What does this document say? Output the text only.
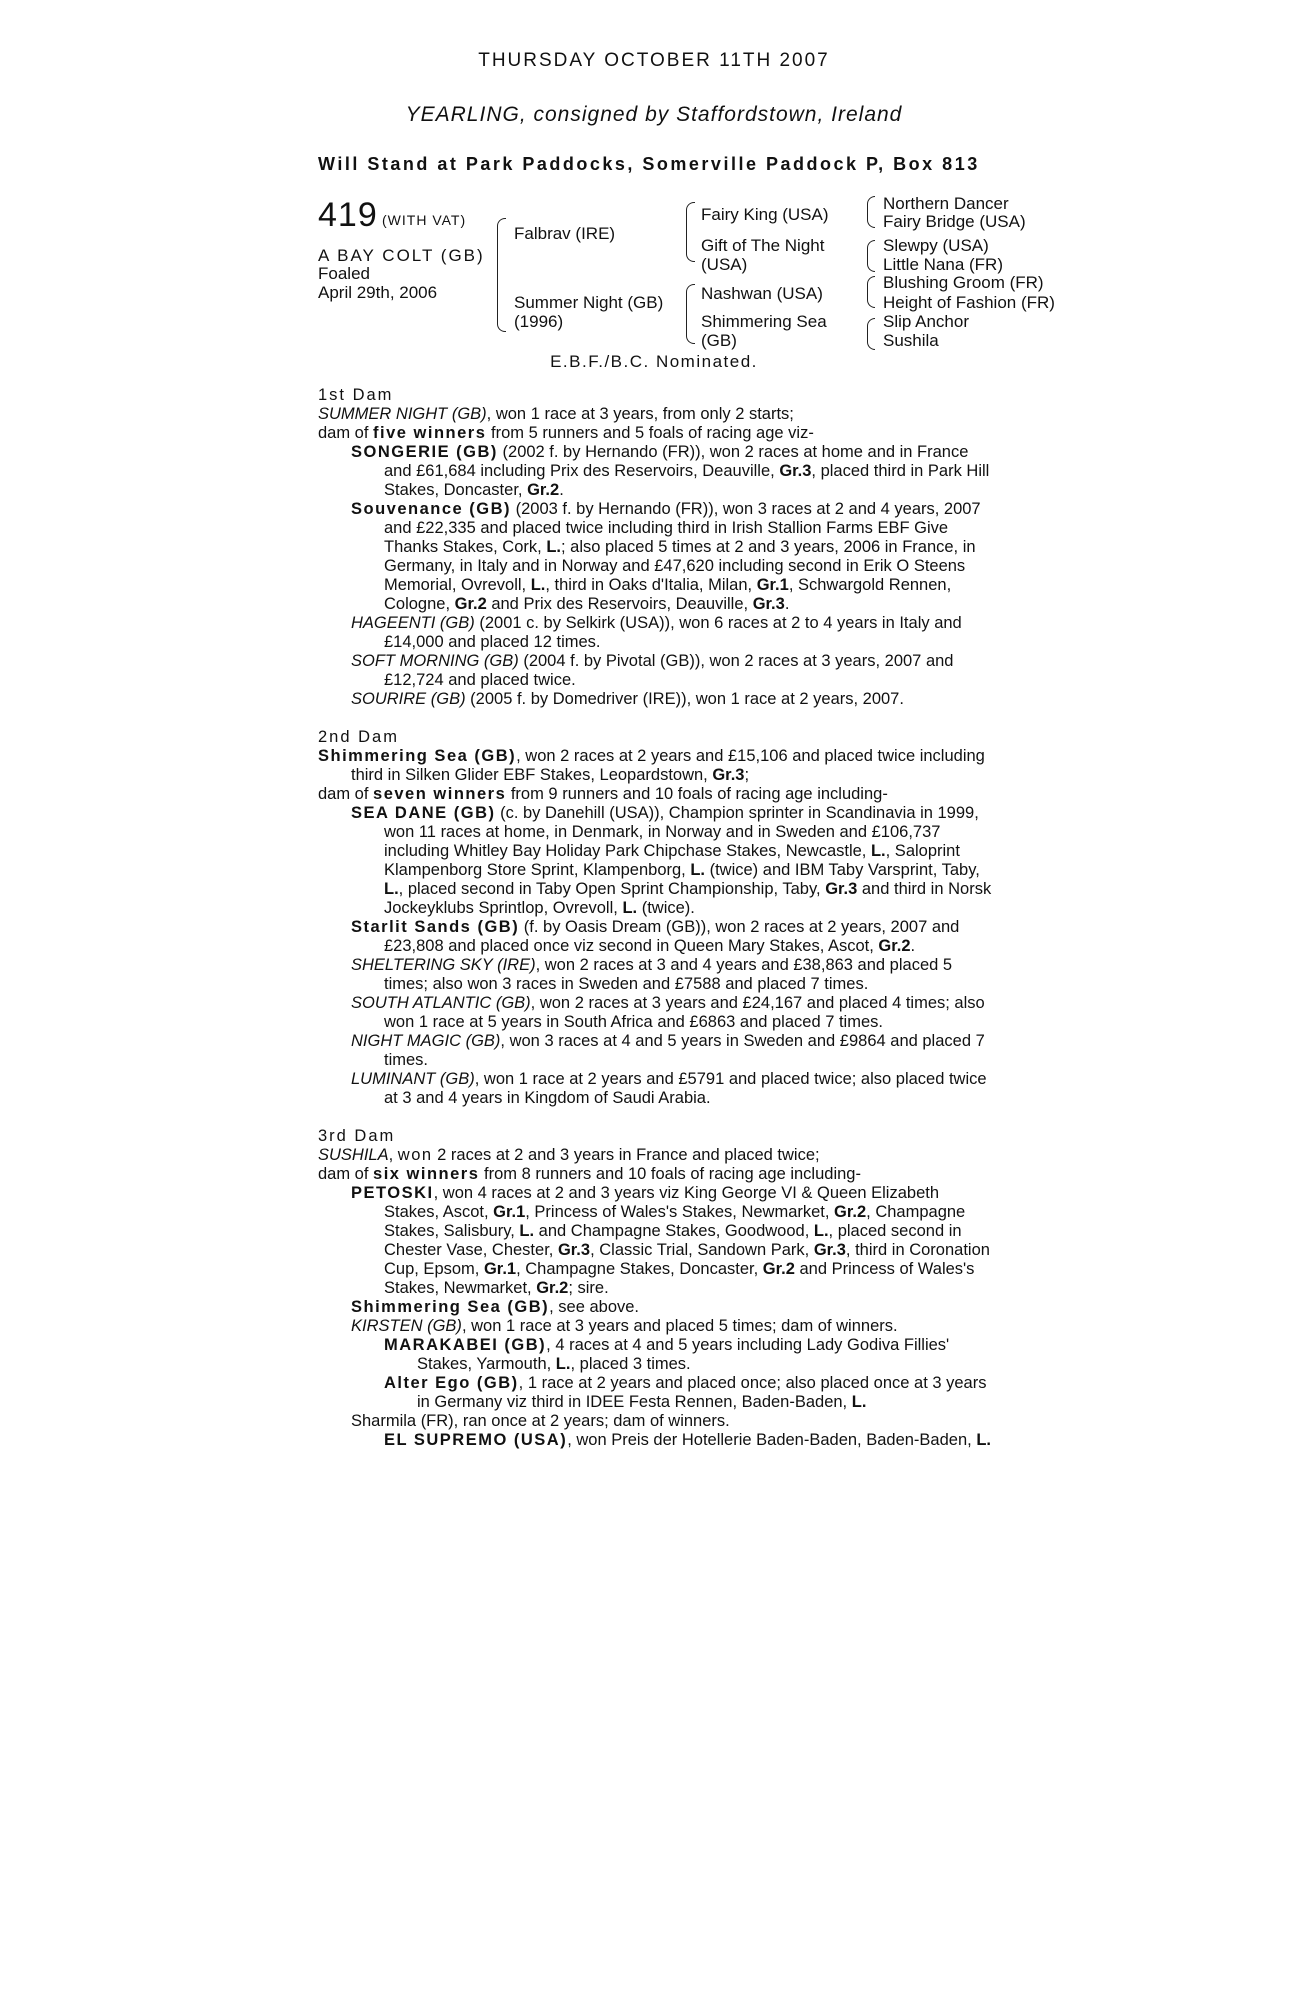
THURSDAY OCTOBER 11TH 2007
YEARLING, consigned by Staffordstown, Ireland
Will Stand at Park Paddocks, Somerville Paddock P, Box 813
419 (WITH VAT)
A BAY COLT (GB)
Foaled
April 29th, 2006
Falbrav (IRE)
Summer Night (GB)
(1996)
Fairy King (USA)
Gift of The Night
(USA)
Nashwan (USA)
Shimmering Sea
(GB)
Northern Dancer
Fairy Bridge (USA)
Slewpy (USA)
Little Nana (FR)
Blushing Groom (FR)
Height of Fashion (FR)
Slip Anchor
Sushila
E.B.F./B.C. Nominated.
1st Dam

SUMMER NIGHT (GB), won 1 race at 3 years, from only 2 starts;

dam of five winners from 5 runners and 5 foals of racing age viz-

SONGERIE (GB) (2002 f. by Hernando (FR)), won 2 races at home and in France and £61,684 including Prix des Reservoirs, Deauville, Gr.3, placed third in Park Hill Stakes, Doncaster, Gr.2.

Souvenance (GB) (2003 f. by Hernando (FR)), won 3 races at 2 and 4 years, 2007 and £22,335 and placed twice including third in Irish Stallion Farms EBF Give Thanks Stakes, Cork, L.; also placed 5 times at 2 and 3 years, 2006 in France, in Germany, in Italy and in Norway and £47,620 including second in Erik O Steens Memorial, Ovrevoll, L., third in Oaks d'Italia, Milan, Gr.1, Schwargold Rennen, Cologne, Gr.2 and Prix des Reservoirs, Deauville, Gr.3.

HAGEENTI (GB) (2001 c. by Selkirk (USA)), won 6 races at 2 to 4 years in Italy and £14,000 and placed 12 times.

SOFT MORNING (GB) (2004 f. by Pivotal (GB)), won 2 races at 3 years, 2007 and £12,724 and placed twice.

SOURIRE (GB) (2005 f. by Domedriver (IRE)), won 1 race at 2 years, 2007.

2nd Dam

Shimmering Sea (GB), won 2 races at 2 years and £15,106 and placed twice including third in Silken Glider EBF Stakes, Leopardstown, Gr.3;

dam of seven winners from 9 runners and 10 foals of racing age including-

SEA DANE (GB) (c. by Danehill (USA)), Champion sprinter in Scandinavia in 1999, won 11 races at home, in Denmark, in Norway and in Sweden and £106,737 including Whitley Bay Holiday Park Chipchase Stakes, Newcastle, L., Saloprint Klampenborg Store Sprint, Klampenborg, L. (twice) and IBM Taby Varsprint, Taby, L., placed second in Taby Open Sprint Championship, Taby, Gr.3 and third in Norsk Jockeyklubs Sprintlop, Ovrevoll, L. (twice).

Starlit Sands (GB) (f. by Oasis Dream (GB)), won 2 races at 2 years, 2007 and £23,808 and placed once viz second in Queen Mary Stakes, Ascot, Gr.2.

SHELTERING SKY (IRE), won 2 races at 3 and 4 years and £38,863 and placed 5 times; also won 3 races in Sweden and £7588 and placed 7 times.

SOUTH ATLANTIC (GB), won 2 races at 3 years and £24,167 and placed 4 times; also won 1 race at 5 years in South Africa and £6863 and placed 7 times.

NIGHT MAGIC (GB), won 3 races at 4 and 5 years in Sweden and £9864 and placed 7 times.

LUMINANT (GB), won 1 race at 2 years and £5791 and placed twice; also placed twice at 3 and 4 years in Kingdom of Saudi Arabia.

3rd Dam

SUSHILA, won 2 races at 2 and 3 years in France and placed twice;

dam of six winners from 8 runners and 10 foals of racing age including-

PETOSKI, won 4 races at 2 and 3 years viz King George VI & Queen Elizabeth Stakes, Ascot, Gr.1, Princess of Wales's Stakes, Newmarket, Gr.2, Champagne Stakes, Salisbury, L. and Champagne Stakes, Goodwood, L., placed second in Chester Vase, Chester, Gr.3, Classic Trial, Sandown Park, Gr.3, third in Coronation Cup, Epsom, Gr.1, Champagne Stakes, Doncaster, Gr.2 and Princess of Wales's Stakes, Newmarket, Gr.2; sire.

Shimmering Sea (GB), see above.

KIRSTEN (GB), won 1 race at 3 years and placed 5 times; dam of winners.

MARAKABEI (GB), 4 races at 4 and 5 years including Lady Godiva Fillies' Stakes, Yarmouth, L., placed 3 times.

Alter Ego (GB), 1 race at 2 years and placed once; also placed once at 3 years in Germany viz third in IDEE Festa Rennen, Baden-Baden, L.

Sharmila (FR), ran once at 2 years; dam of winners.

EL SUPREMO (USA), won Preis der Hotellerie Baden-Baden, Baden-Baden, L.
